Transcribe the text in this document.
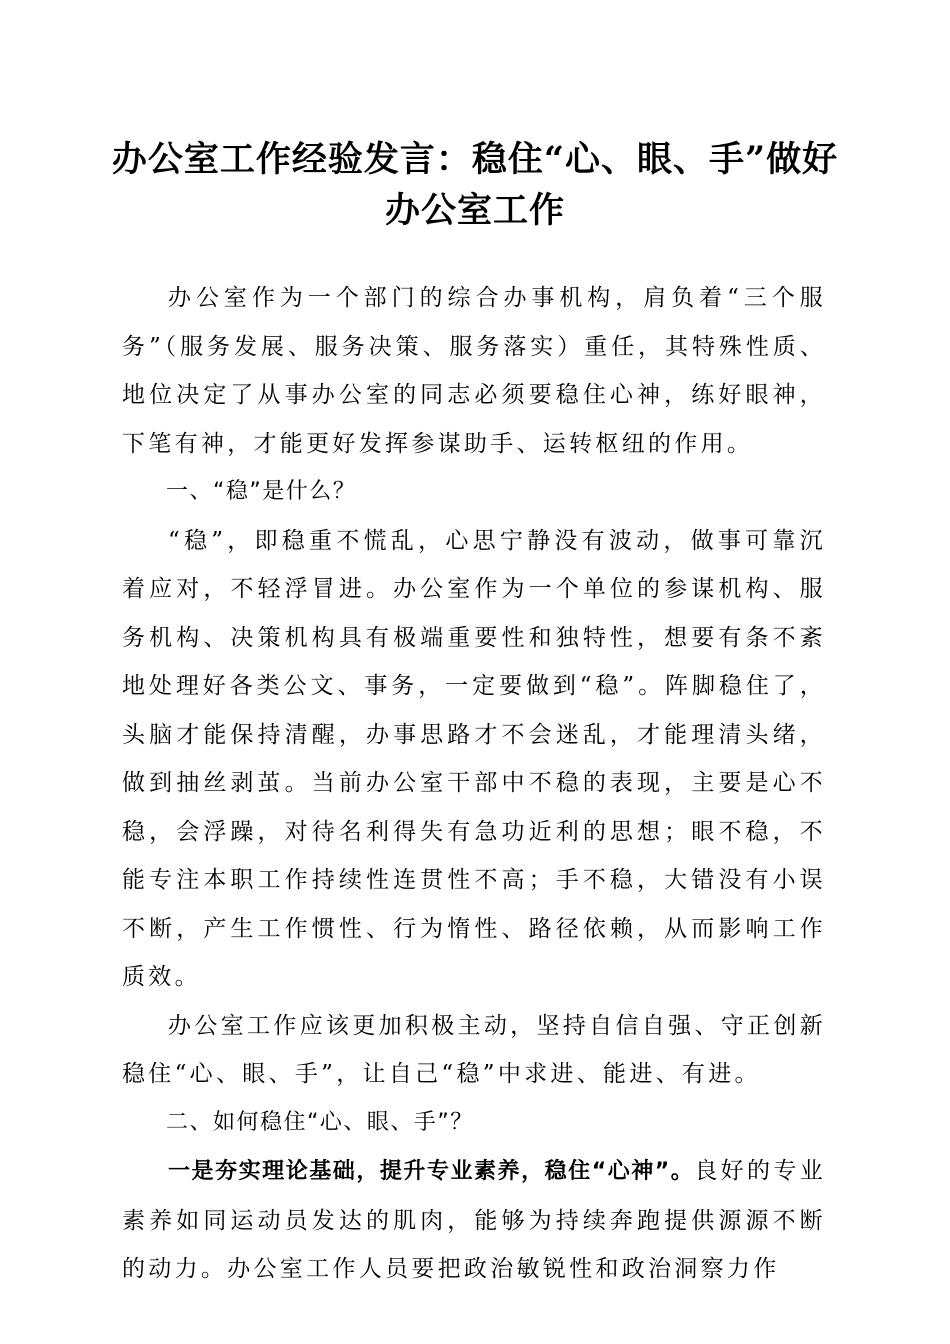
办公室工作经验发言：稳住“心、眼、手”做好办公室工作

办公室作为一个部门的综合办事机构，肩负着“三个服务”（服务发展、服务决策、服务落实）重任，其特殊性质、地位决定了从事办公室的同志必须要稳住心神，练好眼神，下笔有神，才能更好发挥参谋助手、运转枢纽的作用。

一、“稳”是什么？

“稳”，即稳重不慌乱，心思宁静没有波动，做事可靠沉着应对，不轻浮冒进。办公室作为一个单位的参谋机构、服务机构、决策机构具有极端重要性和独特性，想要有条不紊地处理好各类公文、事务，一定要做到“稳”。阵脚稳住了，头脑才能保持清醒，办事思路才不会迷乱，才能理清头绪，做到抽丝剥茧。当前办公室干部中不稳的表现，主要是心不稳，会浮躁，对待名利得失有急功近利的思想；眼不稳，不能专注本职工作持续性连贯性不高；手不稳，大错没有小误不断，产生工作惯性、行为惰性、路径依赖，从而影响工作质效。

办公室工作应该更加积极主动，坚持自信自强、守正创新稳住“心、眼、手”，让自己“稳”中求进、能进、有进。

二、如何稳住“心、眼、手”？

一是夯实理论基础，提升专业素养，稳住“心神”。良好的专业素养如同运动员发达的肌肉，能够为持续奔跑提供源源不断的动力。办公室工作人员要把政治敏锐性和政治洞察力作
